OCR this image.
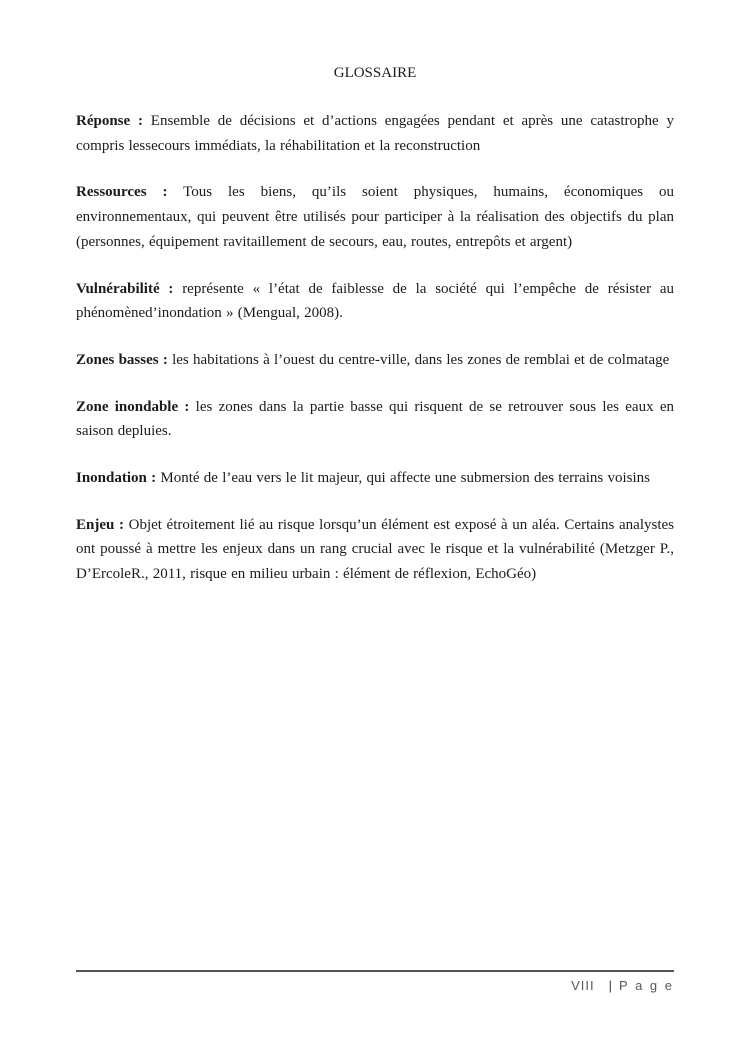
GLOSSAIRE

Réponse : Ensemble de décisions et d’actions engagées pendant et après une catastrophe y compris lessecours immédiats, la réhabilitation et la reconstruction

Ressources : Tous les biens, qu’ils soient physiques, humains, économiques ou environnementaux, qui peuvent être utilisés pour participer à la réalisation des objectifs du plan (personnes, équipement ravitaillement de secours, eau, routes, entrepôts et argent)

Vulnérabilité : représente « l’état de faiblesse de la société qui l’empêche de résister au phénomèned’inondation » (Mengual, 2008).

Zones basses : les habitations à l’ouest du centre-ville, dans les zones de remblai et de colmatage

Zone inondable : les zones dans la partie basse qui risquent de se retrouver sous les eaux en saison depluies.

Inondation : Monté de l’eau vers le lit majeur, qui affecte une submersion des terrains voisins

Enjeu : Objet étroitement lié au risque lorsqu’un élément est exposé à un aléa. Certains analystes ont poussé à mettre les enjeux dans un rang crucial avec le risque et la vulnérabilité (Metzger P., D’ErcoleR., 2011, risque en milieu urbain : élément de réflexion, EchoGéo)

VIII | P a g e
